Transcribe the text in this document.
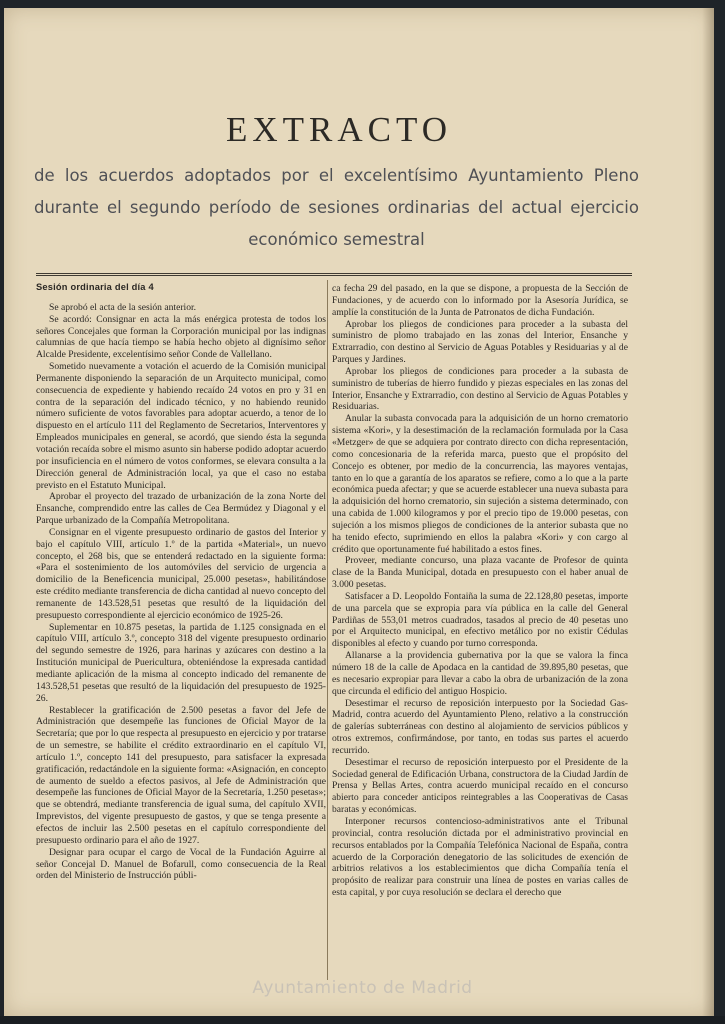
EXTRACTO

de los acuerdos adoptados por el excelentísimo Ayuntamiento Pleno durante el segundo período de sesiones ordinarias del actual ejercicio económico semestral

Sesión ordinaria del día 4

Se aprobó el acta de la sesión anterior.

Se acordó: Consignar en acta la más enérgica protesta de todos los señores Concejales que forman la Corporación municipal por las indignas calumnias de que hacía tiempo se había hecho objeto al dignísimo señor Alcalde Presidente, excelentísimo señor Conde de Vallellano.

Sometido nuevamente a votación el acuerdo de la Comisión municipal Permanente disponiendo la separación de un Arquitecto municipal, como consecuencia de expediente y habiendo recaído 24 votos en pro y 31 en contra de la separación del indicado técnico, y no habiendo reunido número suficiente de votos favorables para adoptar acuerdo, a tenor de lo dispuesto en el artículo 111 del Reglamento de Secretarios, Interventores y Empleados municipales en general, se acordó, que siendo ésta la segunda votación recaída sobre el mismo asunto sin haberse podido adoptar acuerdo por insuficiencia en el número de votos conformes, se elevara consulta a la Dirección general de Administración local, ya que el caso no estaba previsto en el Estatuto Municipal.

Aprobar el proyecto del trazado de urbanización de la zona Norte del Ensanche, comprendido entre las calles de Cea Bermúdez y Diagonal y el Parque urbanizado de la Compañía Metropolitana.

Consignar en el vigente presupuesto ordinario de gastos del Interior y bajo el capítulo VIII, artículo 1.º de la partida «Material», un nuevo concepto, el 268 bis, que se entenderá redactado en la siguiente forma: «Para el sostenimiento de los automóviles del servicio de urgencia a domicilio de la Beneficencia municipal, 25.000 pesetas», habilitándose este crédito mediante transferencia de dicha cantidad al nuevo concepto del remanente de 143.528,51 pesetas que resultó de la liquidación del presupuesto correspondiente al ejercicio económico de 1925-26.

Suplementar en 10.875 pesetas, la partida de 1.125 consignada en el capítulo VIII, artículo 3.º, concepto 318 del vigente presupuesto ordinario del segundo semestre de 1926, para harinas y azúcares con destino a la Institución municipal de Puericultura, obteniéndose la expresada cantidad mediante aplicación de la misma al concepto indicado del remanente de 143.528,51 pesetas que resultó de la liquidación del presupuesto de 1925-26.

Restablecer la gratificación de 2.500 pesetas a favor del Jefe de Administración que desempeñe las funciones de Oficial Mayor de la Secretaría; que por lo que respecta al presupuesto en ejercicio y por tratarse de un semestre, se habilite el crédito extraordinario en el capítulo VI, artículo 1.º, concepto 141 del presupuesto, para satisfacer la expresada gratificación, redactándole en la siguiente forma: «Asignación, en concepto de aumento de sueldo a efectos pasivos, al Jefe de Administración que desempeñe las funciones de Oficial Mayor de la Secretaría, 1.250 pesetas»; que se obtendrá, mediante transferencia de igual suma, del capítulo XVII, Imprevistos, del vigente presupuesto de gastos, y que se tenga presente a efectos de incluir las 2.500 pesetas en el capítulo correspondiente del presupuesto ordinario para el año de 1927.

Designar para ocupar el cargo de Vocal de la Fundación Aguirre al señor Concejal D. Manuel de Bofarull, como consecuencia de la Real orden del Ministerio de Instrucción públi-

ca fecha 29 del pasado, en la que se dispone, a propuesta de la Sección de Fundaciones, y de acuerdo con lo informado por la Asesoría Jurídica, se amplíe la constitución de la Junta de Patronatos de dicha Fundación.

Aprobar los pliegos de condiciones para proceder a la subasta del suministro de plomo trabajado en las zonas del Interior, Ensanche y Extrarradio, con destino al Servicio de Aguas Potables y Residuarias y al de Parques y Jardines.

Aprobar los pliegos de condiciones para proceder a la subasta de suministro de tuberías de hierro fundido y piezas especiales en las zonas del Interior, Ensanche y Extrarradio, con destino al Servicio de Aguas Potables y Residuarias.

Anular la subasta convocada para la adquisición de un horno crematorio sistema «Kori», y la desestimación de la reclamación formulada por la Casa «Metzger» de que se adquiera por contrato directo con dicha representación, como concesionaria de la referida marca, puesto que el propósito del Concejo es obtener, por medio de la concurrencia, las mayores ventajas, tanto en lo que a garantía de los aparatos se refiere, como a lo que a la parte económica pueda afectar; y que se acuerde establecer una nueva subasta para la adquisición del horno crematorio, sin sujeción a sistema determinado, con una cabida de 1.000 kilogramos y por el precio tipo de 19.000 pesetas, con sujeción a los mismos pliegos de condiciones de la anterior subasta que no ha tenido efecto, suprimiendo en ellos la palabra «Kori» y con cargo al crédito que oportunamente fué habilitado a estos fines.

Proveer, mediante concurso, una plaza vacante de Profesor de quinta clase de la Banda Municipal, dotada en presupuesto con el haber anual de 3.000 pesetas.

Satisfacer a D. Leopoldo Fontaiña la suma de 22.128,80 pesetas, importe de una parcela que se expropia para vía pública en la calle del General Pardiñas de 553,01 metros cuadrados, tasados al precio de 40 pesetas uno por el Arquitecto municipal, en efectivo metálico por no existir Cédulas disponibles al efecto y cuando por turno corresponda.

Allanarse a la providencia gubernativa por la que se valora la finca número 18 de la calle de Apodaca en la cantidad de 39.895,80 pesetas, que es necesario expropiar para llevar a cabo la obra de urbanización de la zona que circunda el edificio del antiguo Hospicio.

Desestimar el recurso de reposición interpuesto por la Sociedad Gas-Madrid, contra acuerdo del Ayuntamiento Pleno, relativo a la construcción de galerías subterráneas con destino al alojamiento de servicios públicos y otros extremos, confirmándose, por tanto, en todas sus partes el acuerdo recurrido.

Desestimar el recurso de reposición interpuesto por el Presidente de la Sociedad general de Edificación Urbana, constructora de la Ciudad Jardín de Prensa y Bellas Artes, contra acuerdo municipal recaído en el concurso abierto para conceder anticipos reintegrables a las Cooperativas de Casas baratas y económicas.

Interponer recursos contencioso-administrativos ante el Tribunal provincial, contra resolución dictada por el administrativo provincial en recursos entablados por la Compañía Telefónica Nacional de España, contra acuerdo de la Corporación denegatorio de las solicitudes de exención de arbitrios relativos a los establecimientos que dicha Compañía tenía el propósito de realizar para construir una línea de postes en varias calles de esta capital, y por cuya resolución se declara el derecho que

Ayuntamiento de Madrid
